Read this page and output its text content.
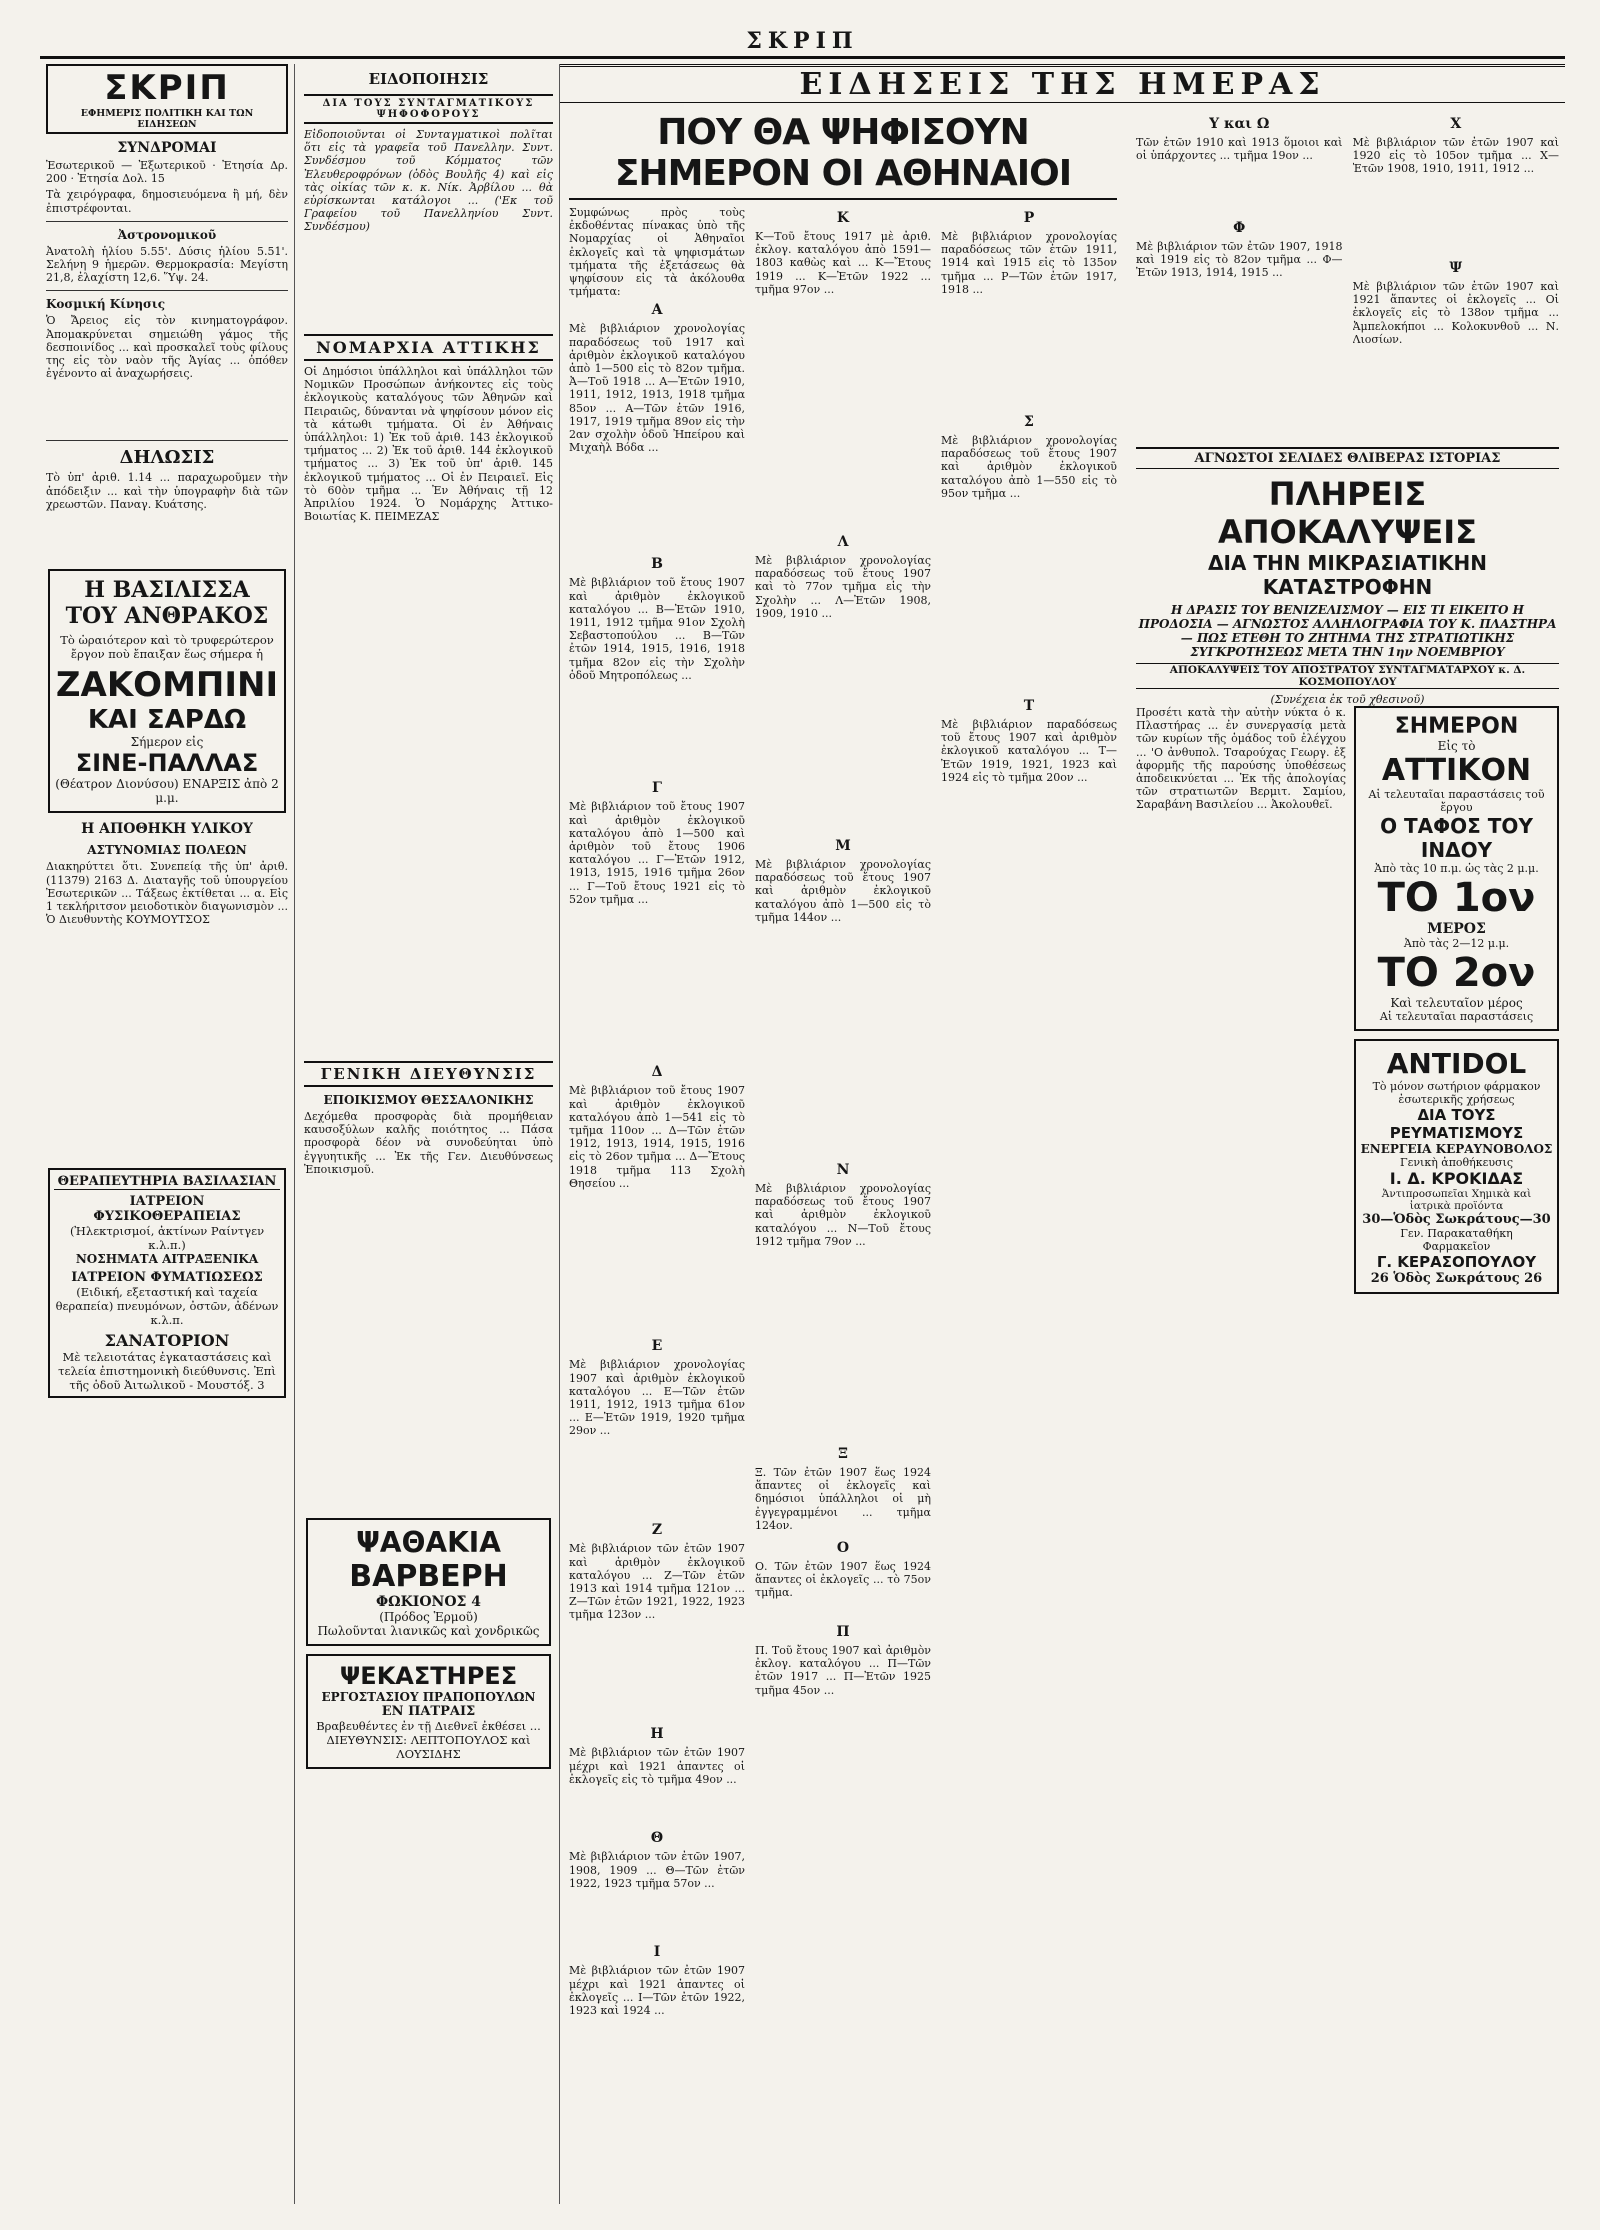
ΣΚΡΙΠ
ΣΚΡΙΠ
ΕΦΗΜΕΡΙΣ ΠΟΛΙΤΙΚΗ ΚΑΙ ΤΩΝ ΕΙΔΗΣΕΩΝ
ΣΥΝΔΡΟΜΑΙ

Ἐσωτερικοῦ — Ἐξωτερικοῦ · Ἐτησία Δρ. 200 · Ἐτησία Δολ. 15

Τὰ χειρόγραφα, δημοσιευόμενα ἢ μή, δὲν ἐπιστρέφονται.

Ἀστρονομικοῦ

Ἀνατολὴ ἡλίου 5.55'. Δύσις ἡλίου 5.51'. Σελήνη 9 ἡμερῶν. Θερμοκρασία: Μεγίστη 21,8, ἐλαχίστη 12,6. Ὕψ. 24.

Κοσμική Κίνησις

Ὁ Ἄρειος εἰς τὸν κινηματογράφον. Ἀπομακρύνεται σημειώθη γάμος τῆς δεσποινίδος ... καὶ προσκαλεῖ τοὺς φίλους της εἰς τὸν ναὸν τῆς Ἁγίας ... ὁπόθεν ἐγένοντο αἱ ἀναχωρήσεις.

ΔΗΛΩΣΙΣ

Τὸ ὑπ' ἀριθ. 1.14 ... παραχωροῦμεν τὴν ἀπόδειξιν ... καὶ τὴν ὑπογραφὴν διὰ τῶν χρεωστῶν. Παναγ. Κυάτσης.

Η ΒΑΣΙΛΙΣΣΑ
ΤΟΥ ΑΝΘΡΑΚΟΣ
Τὸ ὡραιότερον καὶ τὸ τρυφερώτερον ἔργον ποὺ ἔπαιξαν ἕως σήμερα ἡ
ΖΑΚΟΜΠΙΝΙ
ΚΑΙ ΣΑΡΔΩ
Σήμερον εἰς
ΣΙΝΕ-ΠΑΛΛΑΣ
(Θέατρον Διονύσου) ΕΝΑΡΞΙΣ ἀπὸ 2 μ.μ.
Η ΑΠΟΘΗΚΗ ΥΛΙΚΟΥ
ΑΣΤΥΝΟΜΙΑΣ ΠΟΛΕΩΝ

Διακηρύττει ὅτι. Συνεπείᾳ τῆς ὑπ' ἀριθ. (11379) 2163 Δ. Διαταγῆς τοῦ ὑπουργείου Ἐσωτερικῶν ... Τάξεως ἐκτίθεται ... α. Εἰς 1 τεκλήριτσον μειοδοτικὸν διαγωνισμὸν ... Ὁ Διευθυντὴς ΚΟΥΜΟΥΤΣΟΣ

ΘΕΡΑΠΕΥΤΗΡΙΑ ΒΑΣΙΛΑΣΙΑΝ
ΙΑΤΡΕΙΟΝ ΦΥΣΙΚΟΘΕΡΑΠΕΙΑΣ
(Ἠλεκτρισμοί, ἀκτίνων Ραίντγεν κ.λ.π.)
ΝΟΣΗΜΑΤΑ ΑΙΤΡΑΞΕΝΙΚΑ
ΙΑΤΡΕΙΟΝ ΦΥΜΑΤΙΩΣΕΩΣ
(Ειδική, εξεταστική καὶ ταχεία θεραπεία) πνευμόνων, ὀστῶν, ἀδένων κ.λ.π.
ΣΑΝΑΤΟΡΙΟΝ
Μὲ τελειοτάτας ἐγκαταστάσεις καὶ τελεία ἐπιστημονικὴ διεύθυνσις. Ἐπὶ τῆς ὁδοῦ Ἀιτωλικοῦ - Μουστόξ. 3
ΕΙΔΟΠΟΙΗΣΙΣ
ΔΙΑ ΤΟΥΣ ΣΥΝΤΑΓΜΑΤΙΚΟΥΣ ΨΗΦΟΦΟΡΟΥΣ

Εἰδοποιοῦνται οἱ Συνταγματικοὶ πολῖται ὅτι εἰς τὰ γραφεῖα τοῦ Πανελλην. Συντ. Συνδέσμου τοῦ Κόμματος τῶν Ἐλευθεροφρόνων (ὁδὸς Βουλῆς 4) καὶ εἰς τὰς οἰκίας τῶν κ. κ. Νίκ. Ἀρβίλου ... θὰ εὑρίσκωνται κατάλογοι ... ('Εκ τοῦ Γραφείου τοῦ Πανελληνίου Συντ. Συνδέσμου)

ΝΟΜΑΡΧΙΑ ΑΤΤΙΚΗΣ

Οἱ Δημόσιοι ὑπάλληλοι καὶ ὑπάλληλοι τῶν Νομικῶν Προσώπων ἀνήκοντες εἰς τοὺς ἐκλογικοὺς καταλόγους τῶν Ἀθηνῶν καὶ Πειραιῶς, δύνανται νὰ ψηφίσουν μόνον εἰς τὰ κάτωθι τμήματα. Οἱ ἐν Ἀθήναις ὑπάλληλοι: 1) Ἐκ τοῦ ἀριθ. 143 ἐκλογικοῦ τμήματος ... 2) Ἐκ τοῦ ἀριθ. 144 ἐκλογικοῦ τμήματος ... 3) Ἐκ τοῦ ὑπ' ἀριθ. 145 ἐκλογικοῦ τμήματος ... Οἱ ἐν Πειραιεῖ. Εἰς τὸ 60ὸν τμῆμα ... Ἐν Ἀθήναις τῇ 12 Ἀπριλίου 1924. Ὁ Νομάρχης Ἀττικο-Βοιωτίας Κ. ΠΕΙΜΕΖΑΣ

ΓΕΝΙΚΗ ΔΙΕΥΘΥΝΣΙΣ
ΕΠΟΙΚΙΣΜΟΥ ΘΕΣΣΑΛΟΝΙΚΗΣ

Δεχόμεθα προσφορὰς διὰ προμήθειαν καυσοξύλων καλῆς ποιότητος ... Πάσα προσφορὰ δέον νὰ συνοδεύηται ὑπὸ ἐγγυητικῆς ... Ἐκ τῆς Γεν. Διευθύνσεως Ἐποικισμοῦ.

ΨΑΘΑΚΙΑ
ΒΑΡΒΕΡΗ
ΦΩΚΙΟΝΟΣ 4
(Πρόδος Ἑρμοῦ)
Πωλοῦνται λιανικῶς καὶ χονδρικῶς
ΨΕΚΑΣΤΗΡΕΣ
ΕΡΓΟΣΤΑΣΙΟΥ ΠΡΑΠΟΠΟΥΛΩΝ
ΕΝ ΠΑΤΡΑΙΣ
Βραβευθέντες ἐν τῇ Διεθνεῖ ἐκθέσει ... ΔΙΕΥΘΥΝΣΙΣ: ΛΕΠΤΟΠΟΥΛΟΣ καὶ ΛΟΥΣΙΔΗΣ
ΕΙΔΗΣΕΙΣ ΤΗΣ ΗΜΕΡΑΣ
ΠΟΥ ΘΑ ΨΗΦΙΣΟΥΝ ΣΗΜΕΡΟΝ ΟΙ ΑΘΗΝΑΙΟΙ

Συμφώνως πρὸς τοὺς ἐκδοθέντας πίνακας ὑπὸ τῆς Νομαρχίας οἱ Ἀθηναῖοι ἐκλογεῖς καὶ τὰ ψηφισμάτων τμήματα τῆς ἐξετάσεως θὰ ψηφίσουν εἰς τὰ ἀκόλουθα τμήματα:

Α

Μὲ βιβλιάριον χρονολογίας παραδόσεως τοῦ 1917 καὶ ἀριθμὸν ἐκλογικοῦ καταλόγου ἀπὸ 1—500 εἰς τὸ 82ον τμῆμα. Ἀ—Τοῦ 1918 ... Α—Ἐτῶν 1910, 1911, 1912, 1913, 1918 τμῆμα 85ον ... Α—Τῶν ἐτῶν 1916, 1917, 1919 τμῆμα 89ον εἰς τὴν 2αν σχολὴν ὁδοῦ Ἠπείρου καὶ Μιχαὴλ Βόδα ...

Β

Μὲ βιβλιάριον τοῦ ἔτους 1907 καὶ ἀριθμὸν ἐκλογικοῦ καταλόγου ... Β—Ἐτῶν 1910, 1911, 1912 τμῆμα 91ον Σχολὴ Σεβαστοπούλου ... Β—Τῶν ἐτῶν 1914, 1915, 1916, 1918 τμῆμα 82ον εἰς τὴν Σχολὴν ὁδοῦ Μητροπόλεως ...

Γ

Μὲ βιβλιάριον τοῦ ἔτους 1907 καὶ ἀριθμὸν ἐκλογικοῦ καταλόγου ἀπὸ 1—500 καὶ ἀριθμὸν τοῦ ἔτους 1906 καταλόγου ... Γ—Ἐτῶν 1912, 1913, 1915, 1916 τμῆμα 26ον ... Γ—Τοῦ ἔτους 1921 εἰς τὸ 52ον τμῆμα ...

Δ

Μὲ βιβλιάριον τοῦ ἔτους 1907 καὶ ἀριθμὸν ἐκλογικοῦ καταλόγου ἀπὸ 1—541 εἰς τὸ τμῆμα 110ον ... Δ—Τῶν ἐτῶν 1912, 1913, 1914, 1915, 1916 εἰς τὸ 26ον τμῆμα ... Δ—Ἔτους 1918 τμῆμα 113 Σχολὴ Θησείου ...

Ε

Μὲ βιβλιάριον χρονολογίας 1907 καὶ ἀριθμὸν ἐκλογικοῦ καταλόγου ... Ε—Τῶν ἐτῶν 1911, 1912, 1913 τμῆμα 61ον ... Ε—Ἐτῶν 1919, 1920 τμῆμα 29ον ...

Ζ

Μὲ βιβλιάριον τῶν ἐτῶν 1907 καὶ ἀριθμὸν ἐκλογικοῦ καταλόγου ... Ζ—Τῶν ἐτῶν 1913 καὶ 1914 τμῆμα 121ον ... Ζ—Τῶν ἐτῶν 1921, 1922, 1923 τμῆμα 123ον ...

Η

Μὲ βιβλιάριον τῶν ἐτῶν 1907 μέχρι καὶ 1921 ἀπαντες οἱ ἐκλογεῖς εἰς τὸ τμῆμα 49ον ...

Θ

Μὲ βιβλιάριον τῶν ἐτῶν 1907, 1908, 1909 ... Θ—Τῶν ἐτῶν 1922, 1923 τμῆμα 57ον ...

Ι

Μὲ βιβλιάριον τῶν ἐτῶν 1907 μέχρι καὶ 1921 ἀπαντες οἱ ἐκλογεῖς ... Ι—Τῶν ἐτῶν 1922, 1923 καὶ 1924 ...

Κ

Κ—Τοῦ ἔτους 1917 μὲ ἀριθ. ἐκλογ. καταλόγου ἀπὸ 1591—1803 καθὼς καὶ ... Κ—Ἔτους 1919 ... Κ—Ἐτῶν 1922 ... τμῆμα 97ον ...

Λ

Μὲ βιβλιάριον χρονολογίας παραδόσεως τοῦ ἔτους 1907 καὶ τὸ 77ον τμῆμα εἰς τὴν Σχολὴν ... Λ—Ἐτῶν 1908, 1909, 1910 ...

Μ

Μὲ βιβλιάριον χρονολογίας παραδόσεως τοῦ ἔτους 1907 καὶ ἀριθμὸν ἐκλογικοῦ καταλόγου ἀπὸ 1—500 εἰς τὸ τμῆμα 144ον ...

Ν

Μὲ βιβλιάριον χρονολογίας παραδόσεως τοῦ ἔτους 1907 καὶ ἀριθμὸν ἐκλογικοῦ καταλόγου ... Ν—Τοῦ ἔτους 1912 τμῆμα 79ον ...

Ξ

Ξ. Τῶν ἐτῶν 1907 ἕως 1924 ἅπαντες οἱ ἐκλογεῖς καὶ δημόσιοι ὑπάλληλοι οἱ μὴ ἐγγεγραμμένοι ... τμῆμα 124ον.

Ο

Ο. Τῶν ἐτῶν 1907 ἕως 1924 ἅπαντες οἱ ἐκλογεῖς ... τὸ 75ον τμῆμα.

Π

Π. Τοῦ ἔτους 1907 καὶ ἀριθμὸν ἐκλογ. καταλόγου ... Π—Τῶν ἐτῶν 1917 ... Π—Ἐτῶν 1925 τμῆμα 45ον ...

Ρ

Μὲ βιβλιάριον χρονολογίας παραδόσεως τῶν ἐτῶν 1911, 1914 καὶ 1915 εἰς τὸ 135ον τμῆμα ... Ρ—Τῶν ἐτῶν 1917, 1918 ...

Σ

Μὲ βιβλιάριον χρονολογίας παραδόσεως τοῦ ἔτους 1907 καὶ ἀριθμὸν ἐκλογικοῦ καταλόγου ἀπὸ 1—550 εἰς τὸ 95ον τμῆμα ...

Τ

Μὲ βιβλιάριον παραδόσεως τοῦ ἔτους 1907 καὶ ἀριθμὸν ἐκλογικοῦ καταλόγου ... Τ—Ἐτῶν 1919, 1921, 1923 καὶ 1924 εἰς τὸ τμῆμα 20ον ...

Υ και Ω

Τῶν ἐτῶν 1910 καὶ 1913 ὅμοιοι καὶ οἱ ὑπάρχοντες ... τμῆμα 19ον ...

Φ

Μὲ βιβλιάριον τῶν ἐτῶν 1907, 1918 καὶ 1919 εἰς τὸ 82ον τμῆμα ... Φ—Ἐτῶν 1913, 1914, 1915 ...

Χ

Μὲ βιβλιάριον τῶν ἐτῶν 1907 καὶ 1920 εἰς τὸ 105ον τμῆμα ... Χ—Ἐτῶν 1908, 1910, 1911, 1912 ...

Ψ

Μὲ βιβλιάριον τῶν ἐτῶν 1907 καὶ 1921 ἅπαντες οἱ ἐκλογεῖς ... Οἱ ἐκλογεῖς εἰς τὸ 138ον τμῆμα ... Ἀμπελοκήποι ... Κολοκυνθοῦ ... Ν. Λιοσίων.

ΑΓΝΩΣΤΟΙ ΣΕΛΙΔΕΣ ΘΛΙΒΕΡΑΣ ΙΣΤΟΡΙΑΣ
ΠΛΗΡΕΙΣ ΑΠΟΚΑΛΥΨΕΙΣ
ΔΙΑ ΤΗΝ ΜΙΚΡΑΣΙΑΤΙΚΗΝ ΚΑΤΑΣΤΡΟΦΗΝ
Η ΔΡΑΣΙΣ ΤΟΥ ΒΕΝΙΖΕΛΙΣΜΟΥ — ΕΙΣ ΤΙ ΕΙΚΕΙΤΟ Η ΠΡΟΔΟΣΙΑ — ΑΓΝΩΣΤΟΣ ΑΛΛΗΛΟΓΡΑΦΙΑ ΤΟΥ Κ. ΠΛΑΣΤΗΡΑ — ΠΩΣ ΕΤΕΘΗ ΤΟ ΖΗΤΗΜΑ ΤΗΣ ΣΤΡΑΤΙΩΤΙΚΗΣ ΣΥΓΚΡΟΤΗΣΕΩΣ ΜΕΤΑ ΤΗΝ 1ην ΝΟΕΜΒΡΙΟΥ
ΑΠΟΚΑΛΥΨΕΙΣ ΤΟΥ ΑΠΟΣΤΡΑΤΟΥ ΣΥΝΤΑΓΜΑΤΑΡΧΟΥ κ. Δ. ΚΟΣΜΟΠΟΥΛΟΥ
(Συνέχεια ἐκ τοῦ χθεσινοῦ)

Προσέτι κατὰ τὴν αὐτὴν νύκτα ὁ κ. Πλαστήρας ... ἐν συνεργασίᾳ μετὰ τῶν κυρίων τῆς ὁμάδος τοῦ ἐλέγχου ... 'Ο ἀνθυπολ. Τσαρούχας Γεωργ. ἐξ ἀφορμῆς τῆς παρούσης ὑποθέσεως ἀποδεικνύεται ... Ἐκ τῆς ἀπολογίας τῶν στρατιωτῶν Βερμιτ. Σαμίου, Σαραβάνη Βασιλείου ... Ἀκολουθεῖ.

ΣΗΜΕΡΟΝ
Εἰς τὸ
ΑΤΤΙΚΟΝ
Αἱ τελευταῖαι παραστάσεις τοῦ ἔργου
Ο ΤΑΦΟΣ ΤΟΥ ΙΝΔΟΥ
Ἀπὸ τὰς 10 π.μ. ὡς τὰς 2 μ.μ.
ΤΟ 1ον
ΜΕΡΟΣ
Ἀπὸ τὰς 2—12 μ.μ.
ΤΟ 2ον
Καὶ τελευταῖον μέρος
Αἱ τελευταῖαι παραστάσεις
ANTIDOL
Τὸ μόνον σωτήριον φάρμακον ἐσωτερικῆς χρήσεως
ΔΙΑ ΤΟΥΣ ΡΕΥΜΑΤΙΣΜΟΥΣ
ΕΝΕΡΓΕΙΑ ΚΕΡΑΥΝΟΒΟΛΟΣ
Γενικὴ ἀποθήκευσις
Ι. Δ. ΚΡΟΚΙΔΑΣ
Ἀντιπροσωπεῖαι Χημικὰ καὶ ἰατρικὰ προϊόντα
30—Ὁδὸς Σωκράτους—30
Γεν. Παρακαταθήκη
Φαρμακεῖον
Γ. ΚΕΡΑΣΟΠΟΥΛΟΥ
26 Ὁδὸς Σωκράτους 26
